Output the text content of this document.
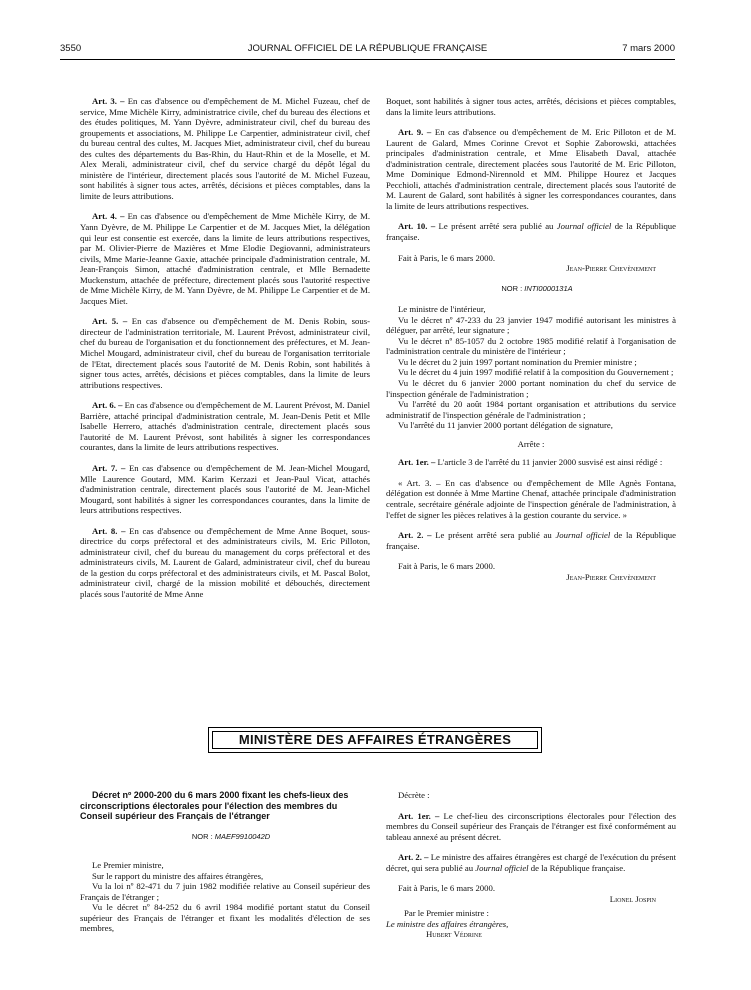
3550	JOURNAL OFFICIEL DE LA RÉPUBLIQUE FRANÇAISE	7 mars 2000

Art. 3. – En cas d'absence ou d'empêchement de M. Michel Fuzeau, chef de service, Mme Michèle Kirry, administratrice civile, chef du bureau des élections et des études politiques, M. Yann Dyèvre, administrateur civil, chef du bureau des groupements et associations, M. Philippe Le Carpentier, administrateur civil, chef du bureau central des cultes, M. Jacques Miet, administrateur civil, chef du bureau des cultes des départements du Bas-Rhin, du Haut-Rhin et de la Moselle, et M. Alex Merali, administrateur civil, chef du service chargé du dépôt légal du ministère de l'intérieur, directement placés sous l'autorité de M. Michel Fuzeau, sont habilités à signer tous actes, arrêtés, décisions et pièces comptables, dans la limite de leurs attributions.

Art. 4. – En cas d'absence ou d'empêchement de Mme Michèle Kirry, de M. Yann Dyèvre, de M. Philippe Le Carpentier et de M. Jacques Miet, la délégation qui leur est consentie est exercée, dans la limite de leurs attributions respectives, par M. Olivier-Pierre de Mazières et Mme Elodie Degiovanni, administrateurs civils, Mme Marie-Jeanne Gaxie, attachée principale d'administration centrale, M. Jean-François Simon, attaché d'administration centrale, et Mlle Bernadette Muckenstum, attachée de préfecture, directement placés sous l'autorité respective de Mme Michèle Kirry, de M. Yann Dyèvre, de M. Philippe Le Carpentier et de M. Jacques Miet.

Art. 5. – En cas d'absence ou d'empêchement de M. Denis Robin, sous-directeur de l'administration territoriale, M. Laurent Prévost, administrateur civil, chef du bureau de l'organisation et du fonctionnement des préfectures, et M. Jean-Michel Mougard, administrateur civil, chef du bureau de l'organisation territoriale de l'Etat, directement placés sous l'autorité de M. Denis Robin, sont habilités à signer tous actes, arrêtés, décisions et pièces comptables, dans la limite de leurs attributions respectives.

Art. 6. – En cas d'absence ou d'empêchement de M. Laurent Prévost, M. Daniel Barrière, attaché principal d'administration centrale, M. Jean-Denis Petit et Mlle Isabelle Herrero, attachés d'administration centrale, directement placés sous l'autorité de M. Laurent Prévost, sont habilités à signer les correspondances courantes, dans la limite de leurs attributions respectives.

Art. 7. – En cas d'absence ou d'empêchement de M. Jean-Michel Mougard, Mlle Laurence Goutard, MM. Karim Kerzazi et Jean-Paul Vicat, attachés d'administration centrale, directement placés sous l'autorité de M. Jean-Michel Mougard, sont habilités à signer les correspondances courantes, dans la limite de leurs attributions respectives.

Art. 8. – En cas d'absence ou d'empêchement de Mme Anne Boquet, sous-directrice du corps préfectoral et des administrateurs civils, M. Eric Pilloton, administrateur civil, chef du bureau du management du corps préfectoral et des administrateurs civils, M. Laurent de Galard, administrateur civil, chef du bureau de la gestion du corps préfectoral et des administrateurs civils, et M. Pascal Bolot, administrateur civil, chargé de la mission mobilité et débouchés, directement placés sous l'autorité de Mme Anne

Boquet, sont habilités à signer tous actes, arrêtés, décisions et pièces comptables, dans la limite leurs attributions.

Art. 9. – En cas d'absence ou d'empêchement de M. Eric Pilloton et de M. Laurent de Galard, Mmes Corinne Crevot et Sophie Zaborowski, attachées principales d'administration centrale, et Mme Elisabeth Daval, attachée d'administration centrale, directement placées sous l'autorité de M. Eric Pilloton, Mme Dominique Edmond-Nirennold et MM. Philippe Hourez et Jacques Pecchioli, attachés d'administration centrale, directement placés sous l'autorité de M. Laurent de Galard, sont habilités à signer les correspondances courantes, dans la limite de leurs attributions respectives.

Art. 10. – Le présent arrêté sera publié au Journal officiel de la République française.

Fait à Paris, le 6 mars 2000.

Jean-Pierre Chevènement

NOR : INTI0000131A

Le ministre de l'intérieur,

Vu le décret nº 47-233 du 23 janvier 1947 modifié autorisant les ministres à déléguer, par arrêté, leur signature ;

Vu le décret nº 85-1057 du 2 octobre 1985 modifié relatif à l'organisation de l'administration centrale du ministère de l'intérieur ;

Vu le décret du 2 juin 1997 portant nomination du Premier ministre ;

Vu le décret du 4 juin 1997 modifié relatif à la composition du Gouvernement ;

Vu le décret du 6 janvier 2000 portant nomination du chef du service de l'inspection générale de l'administration ;

Vu l'arrêté du 20 août 1984 portant organisation et attributions du service administratif de l'inspection générale de l'administration ;

Vu l'arrêté du 11 janvier 2000 portant délégation de signature,

Arrête :

Art. 1er. – L'article 3 de l'arrêté du 11 janvier 2000 susvisé est ainsi rédigé :

« Art. 3. – En cas d'absence ou d'empêchement de Mlle Agnès Fontana, délégation est donnée à Mme Martine Chenaf, attachée principale d'administration centrale, secrétaire générale adjointe de l'inspection générale de l'administration, à l'effet de signer les pièces relatives à la gestion courante du service. »

Art. 2. – Le présent arrêté sera publié au Journal officiel de la République française.

Fait à Paris, le 6 mars 2000.

Jean-Pierre Chevènement

MINISTÈRE DES AFFAIRES ÉTRANGÈRES

Décret nº 2000-200 du 6 mars 2000 fixant les chefs-lieux des circonscriptions électorales pour l'élection des membres du Conseil supérieur des Français de l'étranger

NOR : MAEF9910042D

Le Premier ministre,

Sur le rapport du ministre des affaires étrangères,

Vu la loi nº 82-471 du 7 juin 1982 modifiée relative au Conseil supérieur des Français de l'étranger ;

Vu le décret nº 84-252 du 6 avril 1984 modifié portant statut du Conseil supérieur des Français de l'étranger et fixant les modalités d'élection de ses membres,

Décrète :

Art. 1er. – Le chef-lieu des circonscriptions électorales pour l'élection des membres du Conseil supérieur des Français de l'étranger est fixé conformément au tableau annexé au présent décret.

Art. 2. – Le ministre des affaires étrangères est chargé de l'exécution du présent décret, qui sera publié au Journal officiel de la République française.

Fait à Paris, le 6 mars 2000.

Lionel Jospin

Par le Premier ministre :

Le ministre des affaires étrangères,

Hubert Védrine
